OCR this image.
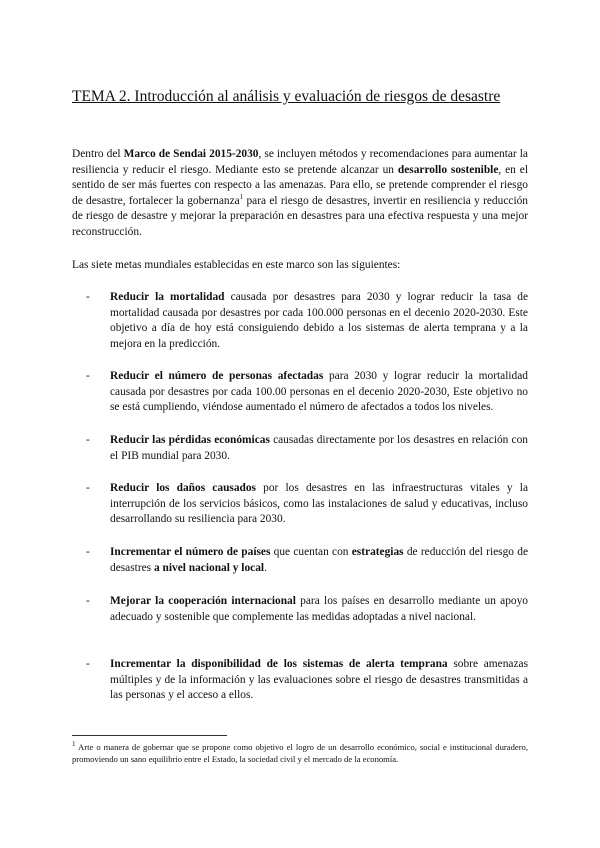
TEMA 2. Introducción al análisis y evaluación de riesgos de desastre

Dentro del Marco de Sendai 2015-2030, se incluyen métodos y recomendaciones para aumentar la resiliencia y reducir el riesgo. Mediante esto se pretende alcanzar un desarrollo sostenible, en el sentido de ser más fuertes con respecto a las amenazas. Para ello, se pretende comprender el riesgo de desastre, fortalecer la gobernanza$^1$ para el riesgo de desastres, invertir en resiliencia y reducción de riesgo de desastre y mejorar la preparación en desastres para una efectiva respuesta y una mejor reconstrucción.

Las siete metas mundiales establecidas en este marco son las siguientes:

- Reducir la mortalidad causada por desastres para 2030 y lograr reducir la tasa de mortalidad causada por desastres por cada 100.000 personas en el decenio 2020-2030. Este objetivo a día de hoy está consiguiendo debido a los sistemas de alerta temprana y a la mejora en la predicción.
- Reducir el número de personas afectadas para 2030 y lograr reducir la mortalidad causada por desastres por cada 100.00 personas en el decenio 2020-2030, Este objetivo no se está cumpliendo, viéndose aumentado el número de afectados a todos los niveles.
- Reducir las pérdidas económicas causadas directamente por los desastres en relación con el PIB mundial para 2030.
- Reducir los daños causados por los desastres en las infraestructuras vitales y la interrupción de los servicios básicos, como las instalaciones de salud y educativas, incluso desarrollando su resiliencia para 2030.
- Incrementar el número de países que cuentan con estrategias de reducción del riesgo de desastres a nivel nacional y local.
- Mejorar la cooperación internacional para los países en desarrollo mediante un apoyo adecuado y sostenible que complemente las medidas adoptadas a nivel nacional.
- Incrementar la disponibilidad de los sistemas de alerta temprana sobre amenazas múltiples y de la información y las evaluaciones sobre el riesgo de desastres transmitidas a las personas y el acceso a ellos.
$^1$ Arte o manera de gobernar que se propone como objetivo el logro de un desarrollo económico, social e institucional duradero, promoviendo un sano equilibrio entre el Estado, la sociedad civil y el mercado de la economía.
